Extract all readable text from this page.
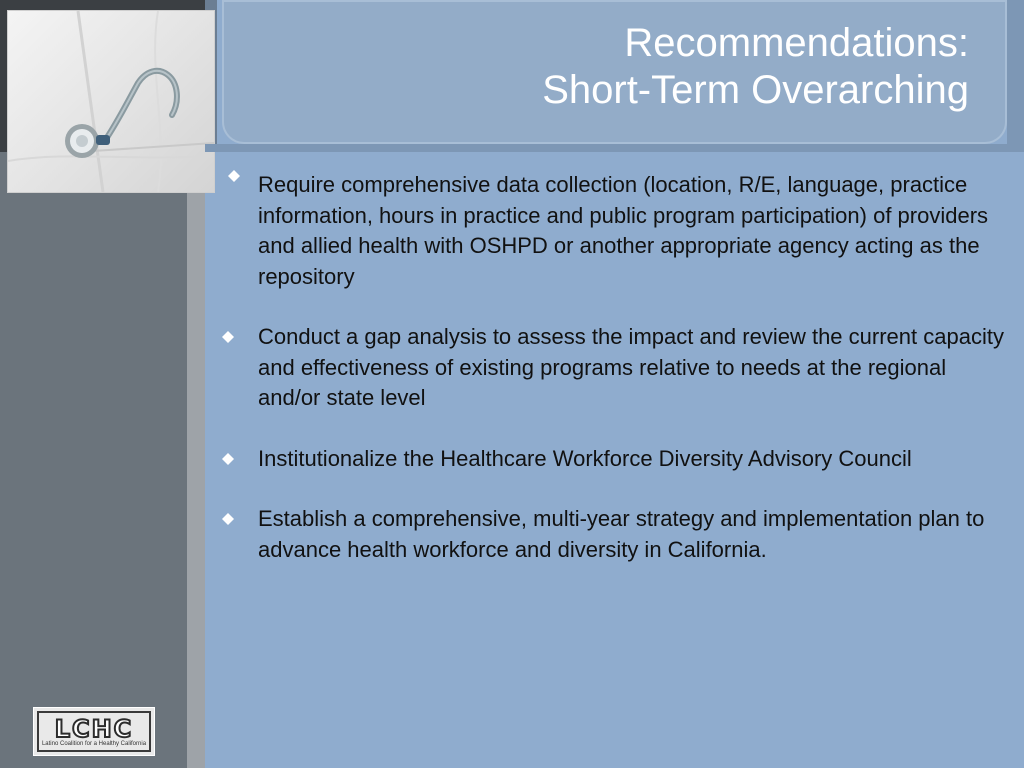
Recommendations:
Short-Term Overarching
Require comprehensive data collection (location, R/E, language, practice information, hours in practice and public program participation) of providers and allied health with OSHPD or another appropriate agency acting as the repository
Conduct a gap analysis to assess the impact and review the current capacity and effectiveness of existing programs relative to needs at the regional and/or state level
Institutionalize the Healthcare Workforce Diversity Advisory Council
Establish a comprehensive, multi-year strategy and implementation plan to advance health workforce and diversity in California.
LCHC
Latino Coalition for a Healthy California
